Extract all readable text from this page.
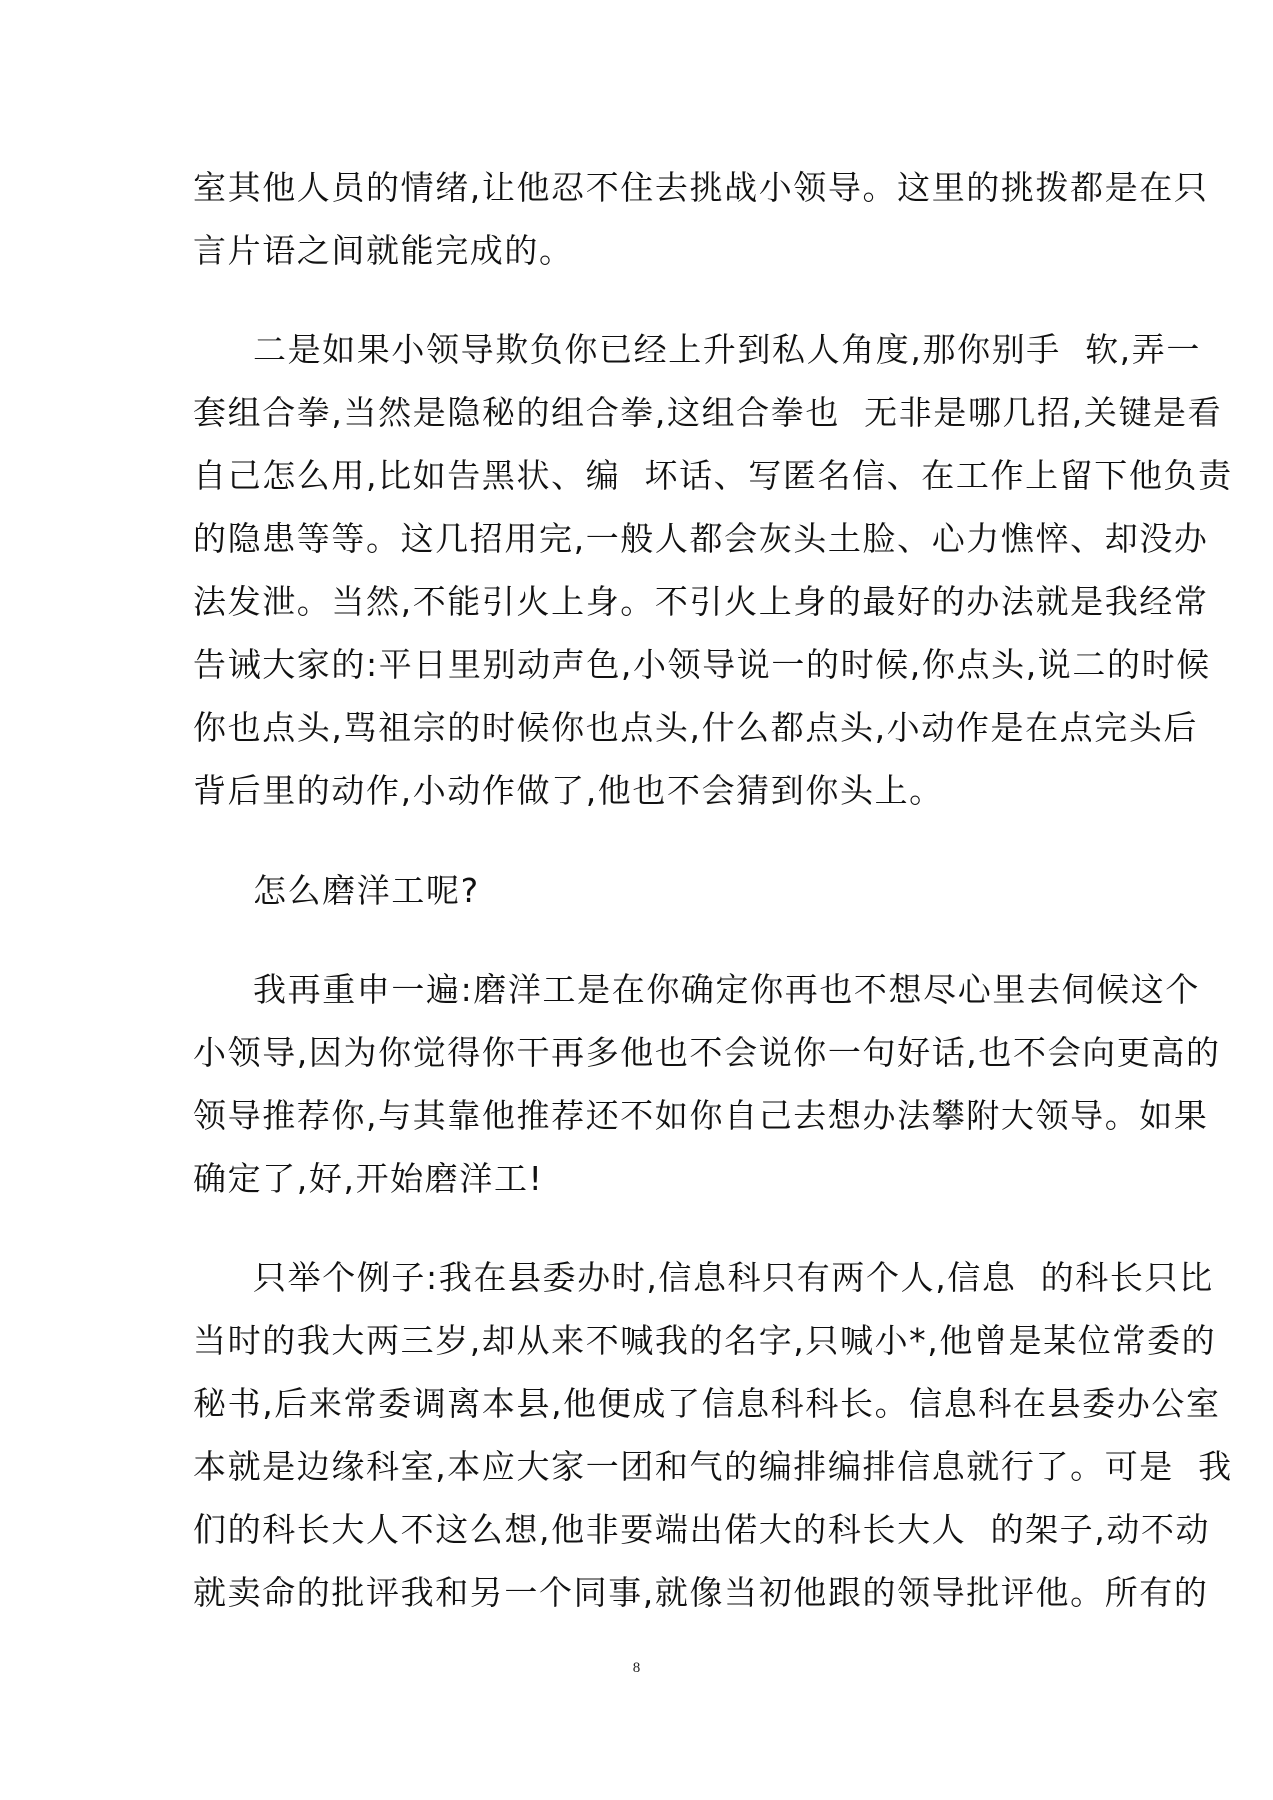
室其他人员的情绪,让他忍不住去挑战小领导。这里的挑拨都是在只
言片语之间就能完成的。
二是如果小领导欺负你已经上升到私人角度,那你别手  软,弄一
套组合拳,当然是隐秘的组合拳,这组合拳也  无非是哪几招,关键是看
自己怎么用,比如告黑状、编  坏话、写匿名信、在工作上留下他负责
的隐患等等。这几招用完,一般人都会灰头土脸、心力憔悴、却没办
法发泄。当然,不能引火上身。不引火上身的最好的办法就是我经常
告诫大家的:平日里别动声色,小领导说一的时候,你点头,说二的时候
你也点头,骂祖宗的时候你也点头,什么都点头,小动作是在点完头后
背后里的动作,小动作做了,他也不会猜到你头上。
怎么磨洋工呢?
我再重申一遍:磨洋工是在你确定你再也不想尽心里去伺候这个
小领导,因为你觉得你干再多他也不会说你一句好话,也不会向更高的
领导推荐你,与其靠他推荐还不如你自己去想办法攀附大领导。如果
确定了,好,开始磨洋工!
只举个例子:我在县委办时,信息科只有两个人,信息  的科长只比
当时的我大两三岁,却从来不喊我的名字,只喊小*,他曾是某位常委的
秘书,后来常委调离本县,他便成了信息科科长。信息科在县委办公室
本就是边缘科室,本应大家一团和气的编排编排信息就行了。可是  我
们的科长大人不这么想,他非要端出偌大的科长大人  的架子,动不动
就卖命的批评我和另一个同事,就像当初他跟的领导批评他。所有的
8
